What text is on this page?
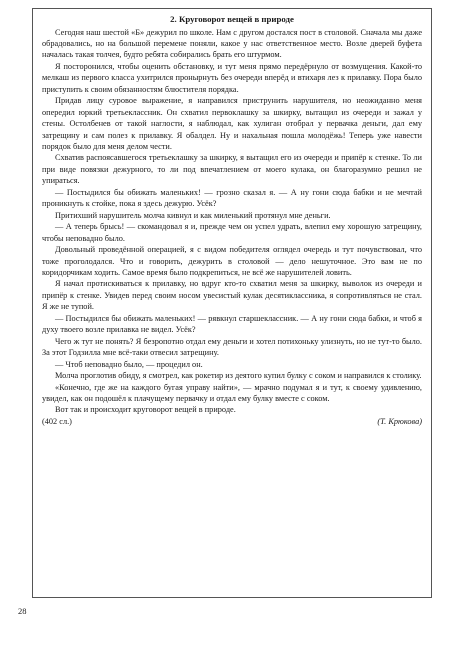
2. Круговорот вещей в природе

Сегодня наш шестой «Б» дежурил по школе. Нам с другом достался пост в столовой. Сначала мы даже обрадовались, но на большой перемене поняли, какое у нас ответственное место. Возле дверей буфета началась такая толчея, будто ребята собирались брать его штурмом.

Я посторонился, чтобы оценить обстановку, и тут меня прямо передёрнуло от возмущения. Какой-то мелкаш из первого класса ухитрился пронырнуть без очереди вперёд и втихаря лез к прилавку. Пора было приступить к своим обязанностям блюстителя порядка.

Придав лицу суровое выражение, я направился приструнить нарушителя, но неожиданно меня опередил юркий третьеклассник. Он схватил первоклашку за шкирку, вытащил из очереди и зажал у стены. Остолбенев от такой наглости, я наблюдал, как хулиган отобрал у первачка деньги, дал ему затрещину и сам полез к прилавку. Я обалдел. Ну и нахальная пошла молодёжь! Теперь уже навести порядок было для меня делом чести.

Схватив распоясавшегося третьеклашку за шкирку, я вытащил его из очереди и припёр к стенке. То ли при виде повязки дежурного, то ли под впечатлением от моего кулака, он благоразумно решил не упираться.

— Постыдился бы обижать маленьких! — грозно сказал я. — А ну гони сюда бабки и не мечтай проникнуть к стойке, пока я здесь дежурю. Усёк?

Притихший нарушитель молча кивнул и как миленький протянул мне деньги.

— А теперь брысь! — скомандовал я и, прежде чем он успел удрать, влепил ему хорошую затрещину, чтобы неповадно было.

Довольный проведённой операцией, я с видом победителя оглядел очередь и тут почувствовал, что тоже проголодался. Что и говорить, дежурить в столовой — дело нешуточное. Это вам не по коридорчикам ходить. Самое время было подкрепиться, не всё же нарушителей ловить.

Я начал протискиваться к прилавку, но вдруг кто-то схватил меня за шкирку, выволок из очереди и припёр к стенке. Увидев перед своим носом увесистый кулак десятиклассника, я сопротивляться не стал. Я же не тупой.

— Постыдился бы обижать маленьких! — рявкнул старшеклассник. — А ну гони сюда бабки, и чтоб я духу твоего возле прилавка не видел. Усёк?

Чего ж тут не понять? Я безропотно отдал ему деньги и хотел потихоньку улизнуть, но не тут-то было. За этот Годзилла мне всё-таки отвесил затрещину.

— Чтоб неповадно было, — процедил он.

Молча проглотив обиду, я смотрел, как рокетир из деятого купил булку с соком и направился к столику.

«Конечно, где же на каждого бугая управу найти», — мрачно подумал я и тут, к своему удивлению, увидел, как он подошёл к плачущему первачку и отдал ему булку вместе с соком.

Вот так и происходит круговорот вещей в природе.

(402 сл.)	(Т. Крюкова)
28
